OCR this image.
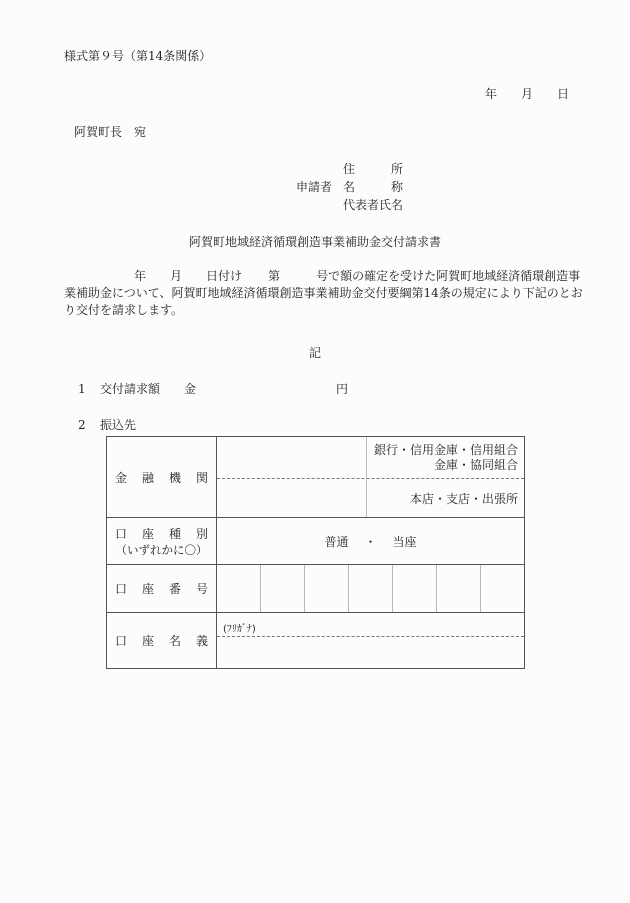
様式第９号（第14条関係）
年 月 日
阿賀町長　宛
住　　　所
申請者 名　　　称
代表者氏名
阿賀町地域経済循環創造事業補助金交付請求書

年 月 日付け 第	号で額の確定を受けた阿賀町地域経済循環創造事

業補助金について、阿賀町地域経済循環創造事業補助金交付要綱第14条の規定により下記のとお

り交付を請求します。

記
1 交付請求額 金	円
2 振込先
金　融　機　関	銀行・信用金庫・信用組合
金庫・協同組合
本店・支店・出張所						

口　座　種　別
（いずれかに〇）	普通 ・ 当座						

口　座　番　号							

口　座　名　義	(ﾌﾘｶﾞﾅ)						
